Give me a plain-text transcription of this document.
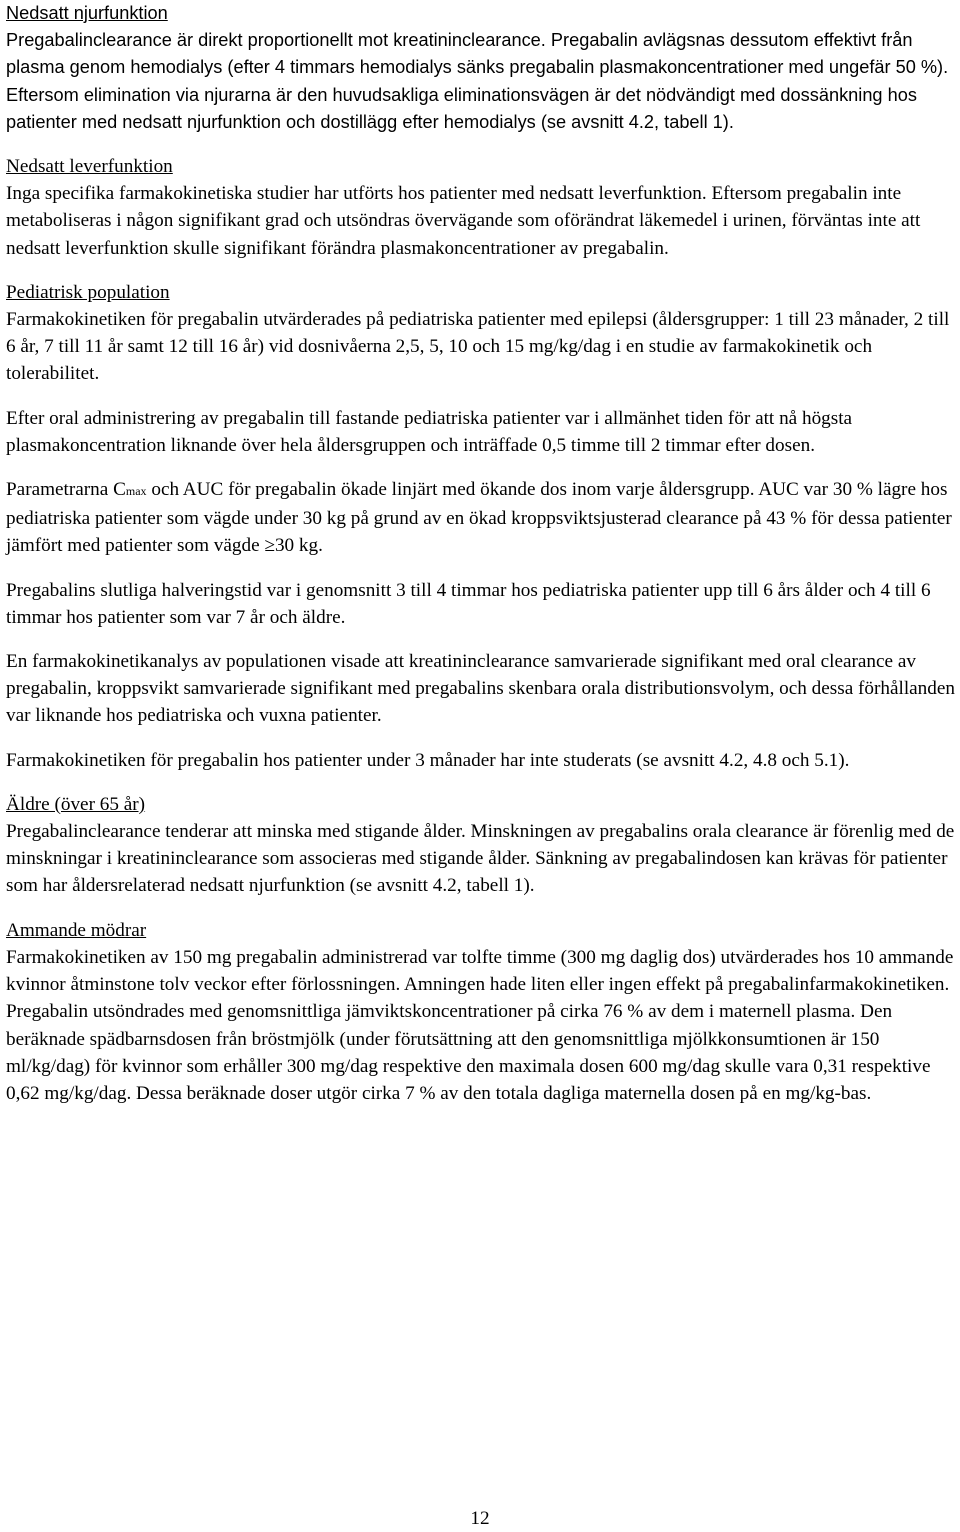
Nedsatt njurfunktion

Pregabalinclearance är direkt proportionellt mot kreatininclearance. Pregabalin avlägsnas dessutom effektivt från plasma genom hemodialys (efter 4 timmars hemodialys sänks pregabalin plasmakoncentrationer med ungefär 50 %). Eftersom elimination via njurarna är den huvudsakliga eliminationsvägen är det nödvändigt med dossänkning hos patienter med nedsatt njurfunktion och dostillägg efter hemodialys (se avsnitt 4.2, tabell 1).

Nedsatt leverfunktion

Inga specifika farmakokinetiska studier har utförts hos patienter med nedsatt leverfunktion. Eftersom pregabalin inte metaboliseras i någon signifikant grad och utsöndras övervägande som oförändrat läkemedel i urinen, förväntas inte att nedsatt leverfunktion skulle signifikant förändra plasmakoncentrationer av pregabalin.

Pediatrisk population

Farmakokinetiken för pregabalin utvärderades på pediatriska patienter med epilepsi (åldersgrupper: 1 till 23 månader, 2 till 6 år, 7 till 11 år samt 12 till 16 år) vid dosnivåerna 2,5, 5, 10 och 15 mg/kg/dag i en studie av farmakokinetik och tolerabilitet.

Efter oral administrering av pregabalin till fastande pediatriska patienter var i allmänhet tiden för att nå högsta plasmakoncentration liknande över hela åldersgruppen och inträffade 0,5 timme till 2 timmar efter dosen.

Parametrarna Cmax och AUC för pregabalin ökade linjärt med ökande dos inom varje åldersgrupp. AUC var 30 % lägre hos pediatriska patienter som vägde under 30 kg på grund av en ökad kroppsviktsjusterad clearance på 43 % för dessa patienter jämfört med patienter som vägde ≥30 kg.

Pregabalins slutliga halveringstid var i genomsnitt 3 till 4 timmar hos pediatriska patienter upp till 6 års ålder och 4 till 6 timmar hos patienter som var 7 år och äldre.

En farmakokinetikanalys av populationen visade att kreatininclearance samvarierade signifikant med oral clearance av pregabalin, kroppsvikt samvarierade signifikant med pregabalins skenbara orala distributionsvolym, och dessa förhållanden var liknande hos pediatriska och vuxna patienter.

Farmakokinetiken för pregabalin hos patienter under 3 månader har inte studerats (se avsnitt 4.2, 4.8 och 5.1).

Äldre (över 65 år)

Pregabalinclearance tenderar att minska med stigande ålder. Minskningen av pregabalins orala clearance är förenlig med de minskningar i kreatininclearance som associeras med stigande ålder. Sänkning av pregabalindosen kan krävas för patienter som har åldersrelaterad nedsatt njurfunktion (se avsnitt 4.2, tabell 1).

Ammande mödrar

Farmakokinetiken av 150 mg pregabalin administrerad var tolfte timme (300 mg daglig dos) utvärderades hos 10 ammande kvinnor åtminstone tolv veckor efter förlossningen. Amningen hade liten eller ingen effekt på pregabalinfarmakokinetiken. Pregabalin utsöndrades med genomsnittliga jämviktskoncentrationer på cirka 76 % av dem i maternell plasma. Den beräknade spädbarnsdosen från bröstmjölk (under förutsättning att den genomsnittliga mjölkkonsumtionen är 150 ml/kg/dag) för kvinnor som erhåller 300 mg/dag respektive den maximala dosen 600 mg/dag skulle vara 0,31 respektive 0,62 mg/kg/dag. Dessa beräknade doser utgör cirka 7 % av den totala dagliga maternella dosen på en mg/kg-bas.

12
